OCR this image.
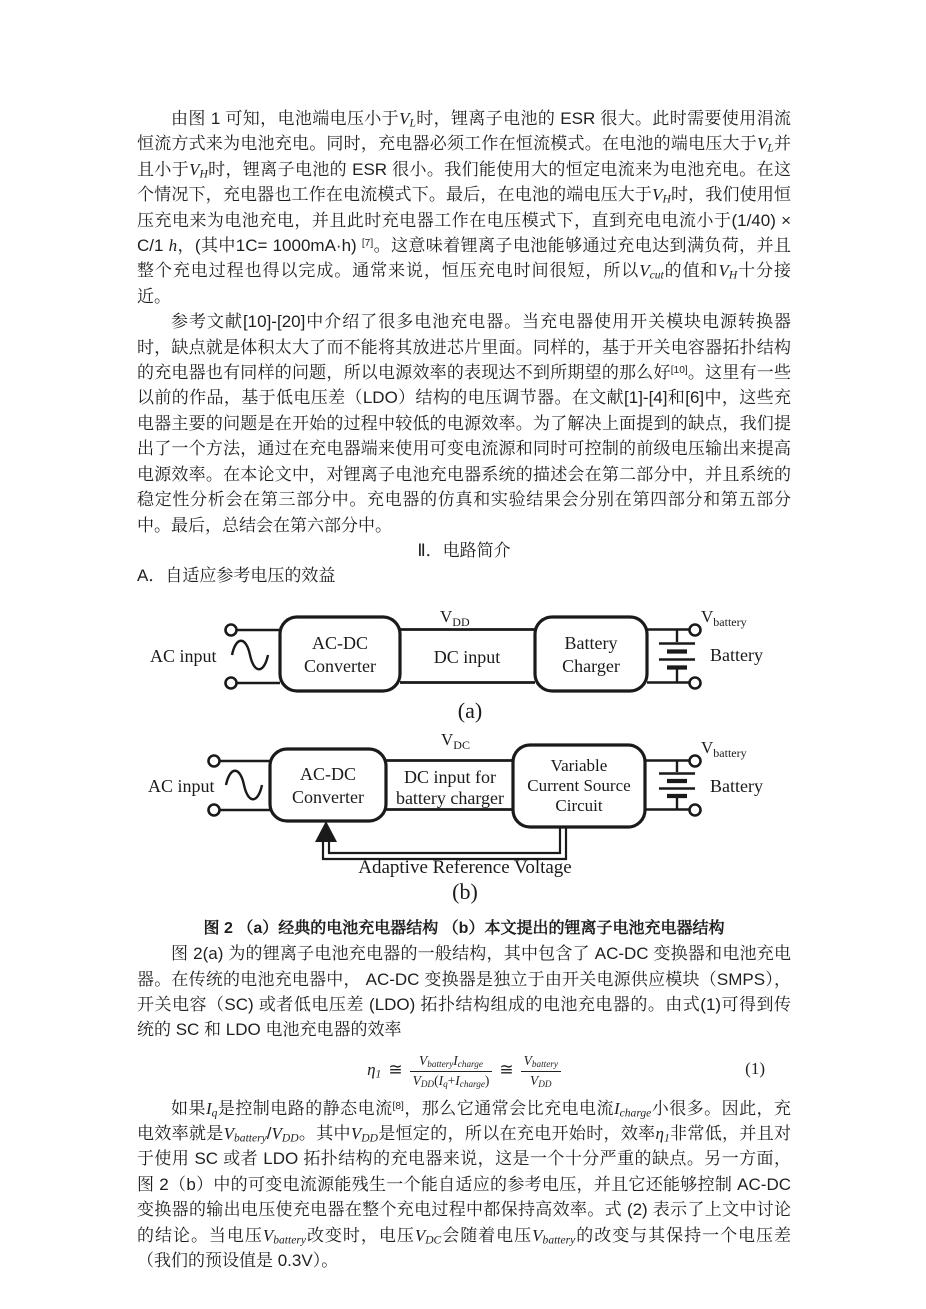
由图 1 可知，电池端电压小于$V_L$时，锂离子电池的 ESR 很大。此时需要使用涓流恒流方式来为电池充电。同时，充电器必须工作在恒流模式。在电池的端电压大于$V_L$并且小于$V_H$时，锂离子电池的 ESR 很小。我们能使用大的恒定电流来为电池充电。在这个情况下，充电器也工作在电流模式下。最后，在电池的端电压大于$V_H$时，我们使用恒压充电来为电池充电，并且此时充电器工作在电压模式下，直到充电电流小于(1/40) × C/1 h，(其中1C= 1000mA·h) [7]。这意味着锂离子电池能够通过充电达到满负荷，并且整个充电过程也得以完成。通常来说，恒压充电时间很短，所以$V_{cut}$的值和$V_H$十分接近。

参考文献[10]-[20]中介绍了很多电池充电器。当充电器使用开关模块电源转换器时，缺点就是体积太大了而不能将其放进芯片里面。同样的，基于开关电容器拓扑结构的充电器也有同样的问题，所以电源效率的表现达不到所期望的那么好[10]。这里有一些以前的作品，基于低电压差（LDO）结构的电压调节器。在文献[1]-[4]和[6]中，这些充电器主要的问题是在开始的过程中较低的电源效率。为了解决上面提到的缺点，我们提出了一个方法，通过在充电器端来使用可变电流源和同时可控制的前级电压输出来提高电源效率。在本论文中，对锂离子电池充电器系统的描述会在第二部分中，并且系统的稳定性分析会在第三部分中。充电器的仿真和实验结果会分别在第四部分和第五部分中。最后，总结会在第六部分中。

Ⅱ．电路简介
A．自适应参考电压的效益
AC input
AC-DC
Converter
$V_{DD}$
DC input
Battery
Charger
$V_{battery}$
Battery
(a)
AC input
AC-DC
Converter
$V_{DC}$
DC input for
battery charger
Variable
Current Source
Circuit
$V_{battery}$
Battery
Adaptive Reference Voltage
(b)

图 2 （a）经典的电池充电器结构 （b）本文提出的锂离子电池充电器结构

图 2(a) 为的锂离子电池充电器的一般结构，其中包含了 AC-DC 变换器和电池充电器。在传统的电池充电器中， AC-DC 变换器是独立于由开关电源供应模块（SMPS），开关电容（SC) 或者低电压差 (LDO) 拓扑结构组成的电池充电器的。由式(1)可得到传统的 SC 和 LDO 电池充电器的效率

$\eta_1$ ≅ $\frac{V_{battery}I_{charge}}{V_{DD}(I_q+I_{charge})}$ ≅ $\frac{V_{battery}}{V_{DD}}$	(1)

如果$I_q$是控制电路的静态电流[8]，那么它通常会比充电电流$I_{charge}$小很多。因此，充电效率就是$V_{battery}/V_{DD}$。其中$V_{DD}$是恒定的，所以在充电开始时，效率$\eta_1$非常低，并且对于使用 SC 或者 LDO 拓扑结构的充电器来说，这是一个十分严重的缺点。另一方面，图 2（b）中的可变电流源能残生一个能自适应的参考电压，并且它还能够控制 AC-DC 变换器的输出电压使充电器在整个充电过程中都保持高效率。式 (2) 表示了上文中讨论的结论。当电压$V_{battery}$改变时，电压$V_{DC}$会随着电压$V_{battery}$的改变与其保持一个电压差（我们的预设值是 0.3V）。
